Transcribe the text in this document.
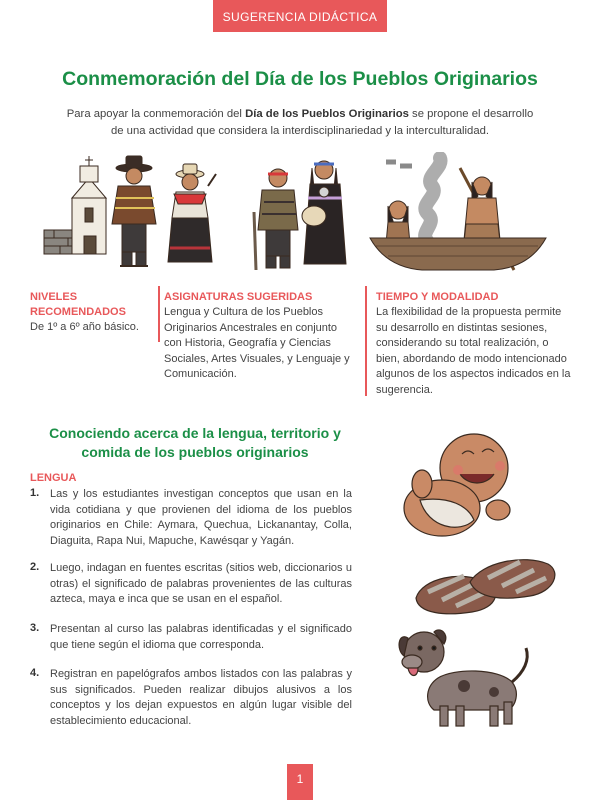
SUGERENCIA DIDÁCTICA
Conmemoración del Día de los Pueblos Originarios

Para apoyar la conmemoración del Día de los Pueblos Originarios se propone el desarrollo de una actividad que considera la interdisciplinariedad y la interculturalidad.

NIVELES
RECOMENDADOS
De 1º a 6º año básico.
ASIGNATURAS SUGERIDAS
Lengua y Cultura de los Pueblos Originarios Ancestrales en conjunto con Historia, Geografía y Ciencias Sociales, Artes Visuales, y Lenguaje y Comunicación.
TIEMPO Y MODALIDAD
La flexibilidad de la propuesta permite su desarrollo en distintas sesiones, considerando su total realización, o bien, abordando de modo intencionado algunos de los aspectos indicados en la sugerencia.
Conociendo acerca de la lengua, territorio y
comida de los pueblos originarios
LENGUA
1. Las y los estudiantes investigan conceptos que usan en la vida cotidiana y que provienen del idioma de los pueblos originarios en Chile: Aymara, Quechua, Lickanantay, Colla, Diaguita, Rapa Nui, Mapuche, Kawésqar y Yagán.
2. Luego, indagan en fuentes escritas (sitios web, diccionarios u otras) el significado de palabras provenientes de las culturas azteca, maya e inca que se usan en el español.
3. Presentan al curso las palabras identificadas y el significado que tiene según el idioma que corresponda.
4. Registran en papelógrafos ambos listados con las palabras y sus significados. Pueden realizar dibujos alusivos a los conceptos y los dejan expuestos en algún lugar visible del establecimiento educacional.
1
